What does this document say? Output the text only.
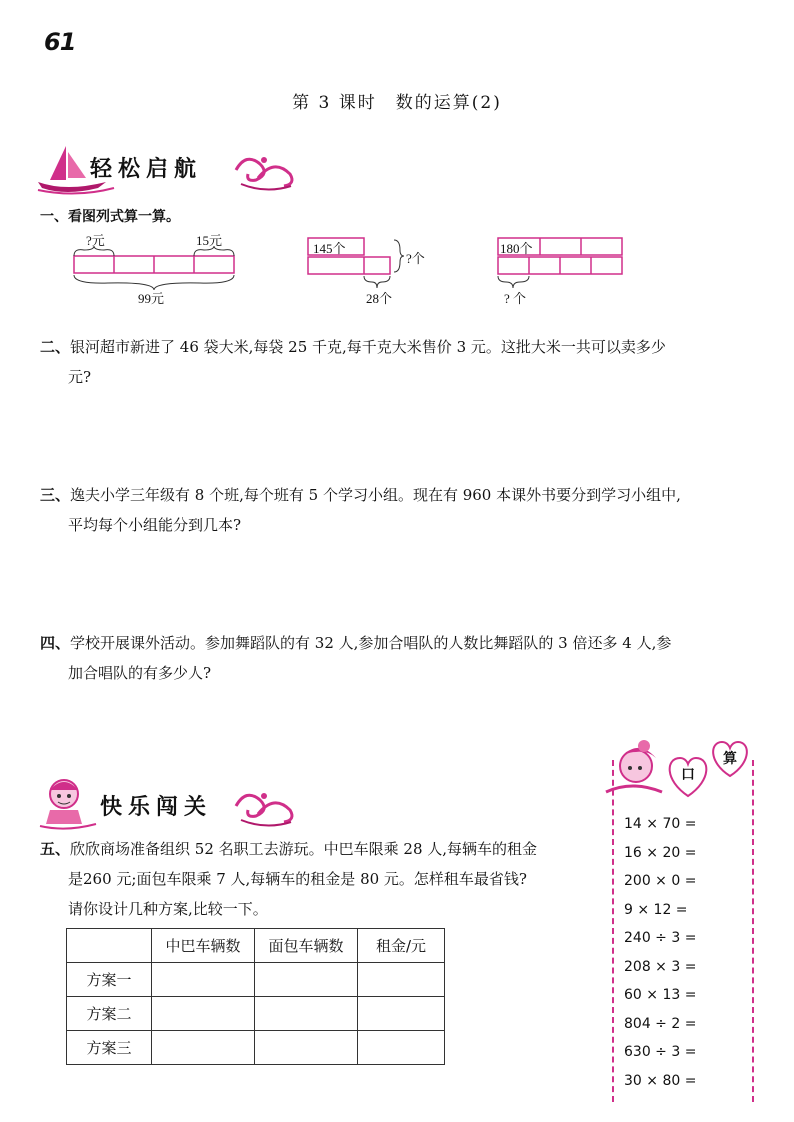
61
第 3 课时　数的运算(2)
轻松启航
一、看图列式算一算。
?元	15元
99元
145个
?个
28个
180个
? 个
二、银河超市新进了 46 袋大米,每袋 25 千克,每千克大米售价 3 元。这批大米一共可以卖多少
元?
三、逸夫小学三年级有 8 个班,每个班有 5 个学习小组。现在有 960 本课外书要分到学习小组中,
平均每个小组能分到几本?
四、学校开展课外活动。参加舞蹈队的有 32 人,参加合唱队的人数比舞蹈队的 3 倍还多 4 人,参
加合唱队的有多少人?
快乐闯关
五、欣欣商场准备组织 52 名职工去游玩。中巴车限乘 28 人,每辆车的租金
是260 元;面包车限乘 7 人,每辆车的租金是 80 元。怎样租车最省钱?
请你设计几种方案,比较一下。
	中巴车辆数	面包车辆数	租金/元
方案一			
方案二			
方案三			
口
算
14 × 70 =
16 × 20 =
200 × 0 =
9 × 12 =
240 ÷ 3 =
208 × 3 =
60 × 13 =
804 ÷ 2 =
630 ÷ 3 =
30 × 80 =
